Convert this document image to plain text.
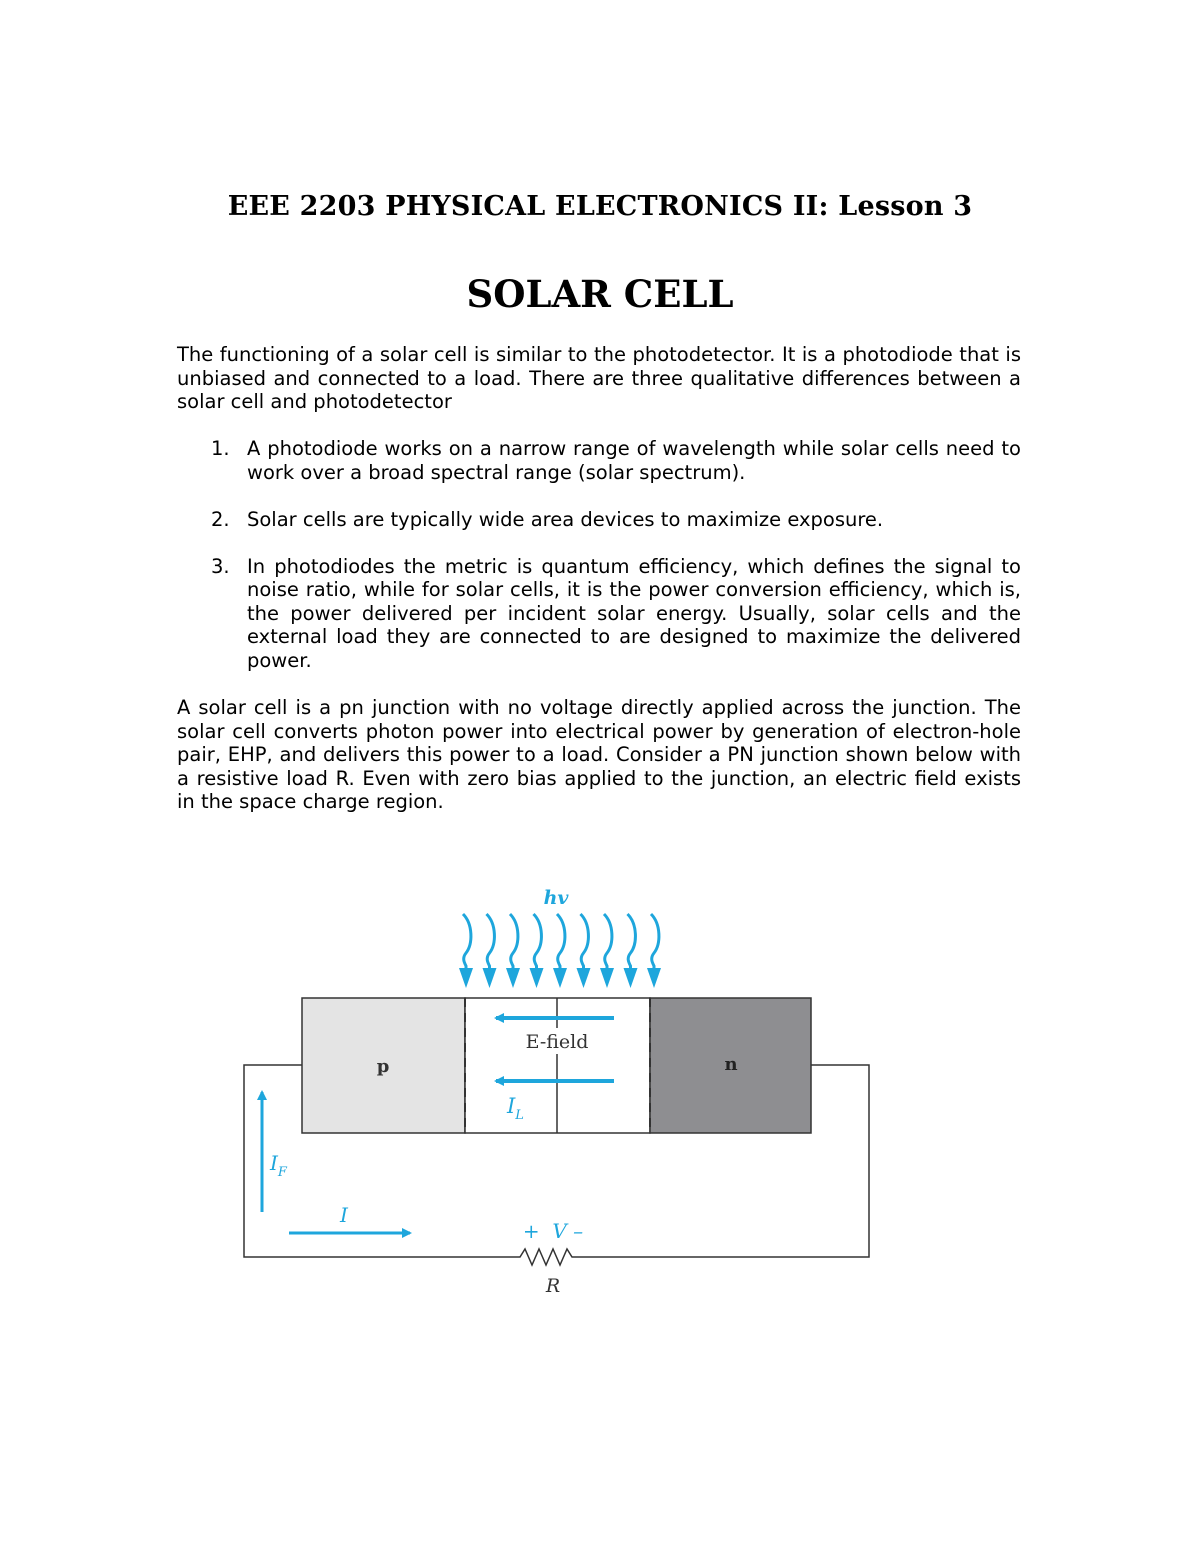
EEE 2203 PHYSICAL ELECTRONICS II: Lesson 3
SOLAR CELL

The functioning of a solar cell is similar to the photodetector. It is a photodiode that is unbiased and connected to a load. There are three qualitative differences between a solar cell and photodetector

1. A photodiode works on a narrow range of wavelength while solar cells need to work over a broad spectral range (solar spectrum).
2. Solar cells are typically wide area devices to maximize exposure.
3. In photodiodes the metric is quantum efficiency, which defines the signal to noise ratio, while for solar cells, it is the power conversion efficiency, which is, the power delivered per incident solar energy. Usually, solar cells and the external load they are connected to are designed to maximize the delivered power.

A solar cell is a pn junction with no voltage directly applied across the junction. The solar cell converts photon power into electrical power by generation of electron-hole pair, EHP, and delivers this power to a load. Consider a PN junction shown below with a resistive load R. Even with zero bias applied to the junction, an electric field exists in the space charge region.

hv
E-field
$I_L$
p	n
$I_F$
I
+  V –
R
